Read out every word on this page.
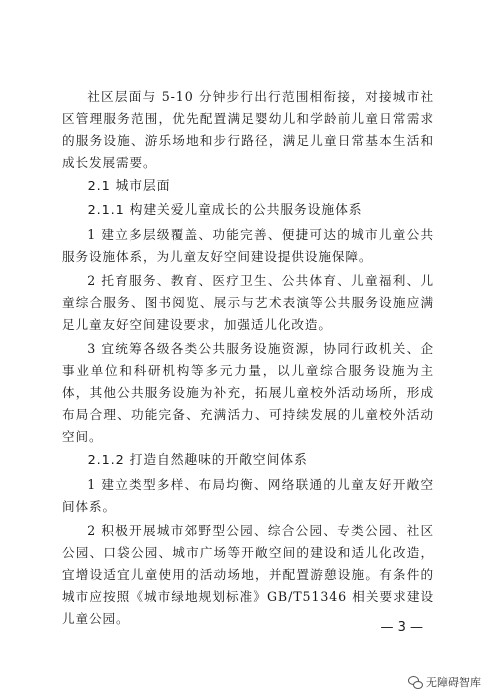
社区层面与 5-10 分钟步行出行范围相衔接，对接城市社区管理服务范围，优先配置满足婴幼儿和学龄前儿童日常需求的服务设施、游乐场地和步行路径，满足儿童日常基本生活和成长发展需要。

2.1 城市层面

2.1.1 构建关爱儿童成长的公共服务设施体系

1 建立多层级覆盖、功能完善、便捷可达的城市儿童公共服务设施体系，为儿童友好空间建设提供设施保障。

2 托育服务、教育、医疗卫生、公共体育、儿童福利、儿童综合服务、图书阅览、展示与艺术表演等公共服务设施应满足儿童友好空间建设要求，加强适儿化改造。

3 宜统筹各级各类公共服务设施资源，协同行政机关、企事业单位和科研机构等多元力量，以儿童综合服务设施为主体，其他公共服务设施为补充，拓展儿童校外活动场所，形成布局合理、功能完备、充满活力、可持续发展的儿童校外活动空间。

2.1.2 打造自然趣味的开敞空间体系

1 建立类型多样、布局均衡、网络联通的儿童友好开敞空间体系。

2 积极开展城市郊野型公园、综合公园、专类公园、社区公园、口袋公园、城市广场等开敞空间的建设和适儿化改造，宜增设适宜儿童使用的活动场地，并配置游憩设施。有条件的城市应按照《城市绿地规划标准》GB/T51346 相关要求建设儿童公园。

— 3 —
无障碍智库
